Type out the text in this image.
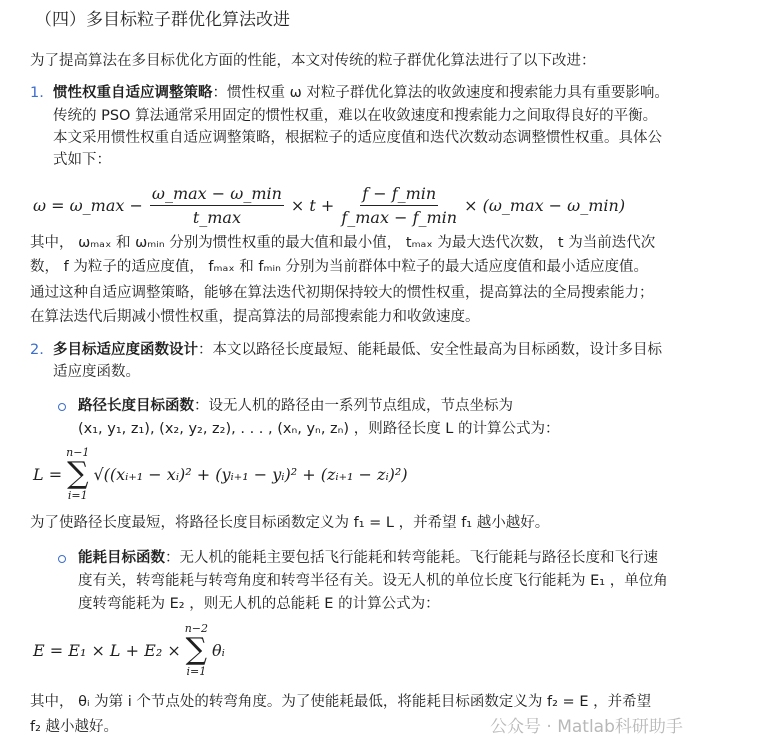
（四）多目标粒子群优化算法改进
为了提高算法在多目标优化方面的性能，本文对传统的粒子群优化算法进行了以下改进：
1. 惯性权重自适应调整策略：惯性权重 ω 对粒子群优化算法的收敛速度和搜索能力具有重要影响。
传统的 PSO 算法通常采用固定的惯性权重，难以在收敛速度和搜索能力之间取得良好的平衡。
本文采用惯性权重自适应调整策略，根据粒子的适应度值和迭代次数动态调整惯性权重。具体公
式如下：
ω = ω_max − $\frac{\omega\_\max - \omega\_\min}{t\_\max} \times t + \frac{f - f\_\min}{f\_\max - f\_\min}$ × (ω_max − ω_min)
其中， ωₘₐₓ 和 ωₘᵢₙ 分别为惯性权重的最大值和最小值， tₘₐₓ 为最大迭代次数， t 为当前迭代次
数， f 为粒子的适应度值， fₘₐₓ 和 fₘᵢₙ 分别为当前群体中粒子的最大适应度值和最小适应度值。
通过这种自适应调整策略，能够在算法迭代初期保持较大的惯性权重，提高算法的全局搜索能力；
在算法迭代后期减小惯性权重，提高算法的局部搜索能力和收敛速度。
2. 多目标适应度函数设计：本文以路径长度最短、能耗最低、安全性最高为目标函数，设计多目标
适应度函数。
路径长度目标函数：设无人机的路径由一系列节点组成，节点坐标为
(x₁, y₁, z₁), (x₂, y₂, z₂), . . . , (xₙ, yₙ, zₙ) ，则路径长度 L 的计算公式为：
L =
n−1
∑
i=1
√((xᵢ₊₁ − xᵢ)² + (yᵢ₊₁ − yᵢ)² + (zᵢ₊₁ − zᵢ)²)
为了使路径长度最短，将路径长度目标函数定义为 f₁ = L ，并希望 f₁ 越小越好。
能耗目标函数：无人机的能耗主要包括飞行能耗和转弯能耗。飞行能耗与路径长度和飞行速
度有关，转弯能耗与转弯角度和转弯半径有关。设无人机的单位长度飞行能耗为 E₁ ，单位角
度转弯能耗为 E₂ ，则无人机的总能耗 E 的计算公式为：
E = E₁ × L + E₂ ×
n−2
∑
i=1
θᵢ
其中， θᵢ 为第 i 个节点处的转弯角度。为了使能耗最低，将能耗目标函数定义为 f₂ = E ，并希望
f₂ 越小越好。	公众号 · Matlab科研助手
